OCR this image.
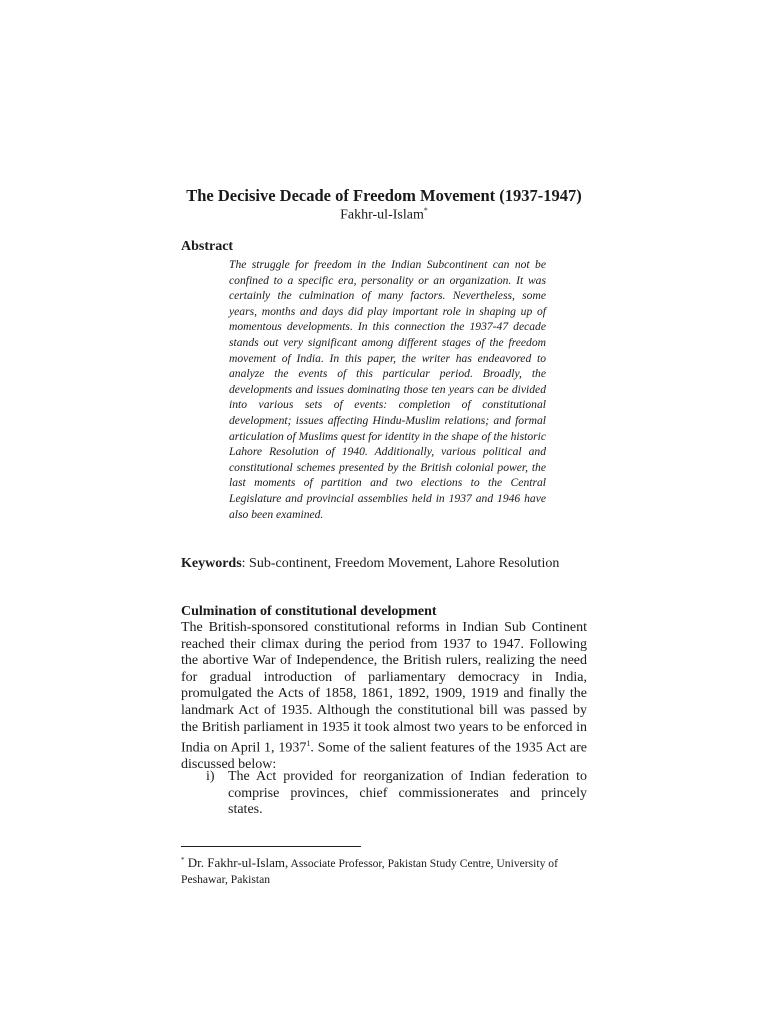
The Decisive Decade of Freedom Movement (1937-1947)
Fakhr-ul-Islam*
Abstract

The struggle for freedom in the Indian Subcontinent can not be confined to a specific era, personality or an organization. It was certainly the culmination of many factors. Nevertheless, some years, months and days did play important role in shaping up of momentous developments. In this connection the 1937-47 decade stands out very significant among different stages of the freedom movement of India. In this paper, the writer has endeavored to analyze the events of this particular period. Broadly, the developments and issues dominating those ten years can be divided into various sets of events: completion of constitutional development; issues affecting Hindu-Muslim relations; and formal articulation of Muslims quest for identity in the shape of the historic Lahore Resolution of 1940. Additionally, various political and constitutional schemes presented by the British colonial power, the last moments of partition and two elections to the Central Legislature and provincial assemblies held in 1937 and 1946 have also been examined.

Keywords: Sub-continent, Freedom Movement, Lahore Resolution
Culmination of constitutional development

The British-sponsored constitutional reforms in Indian Sub Continent reached their climax during the period from 1937 to 1947. Following the abortive War of Independence, the British rulers, realizing the need for gradual introduction of parliamentary democracy in India, promulgated the Acts of 1858, 1861, 1892, 1909, 1919 and finally the landmark Act of 1935. Although the constitutional bill was passed by the British parliament in 1935 it took almost two years to be enforced in India on April 1, 1937$^1$. Some of the salient features of the 1935 Act are discussed below:

i) The Act provided for reorganization of Indian federation to comprise provinces, chief commissionerates and princely states.
* Dr. Fakhr-ul-Islam, Associate Professor, Pakistan Study Centre, University of Peshawar, Pakistan
